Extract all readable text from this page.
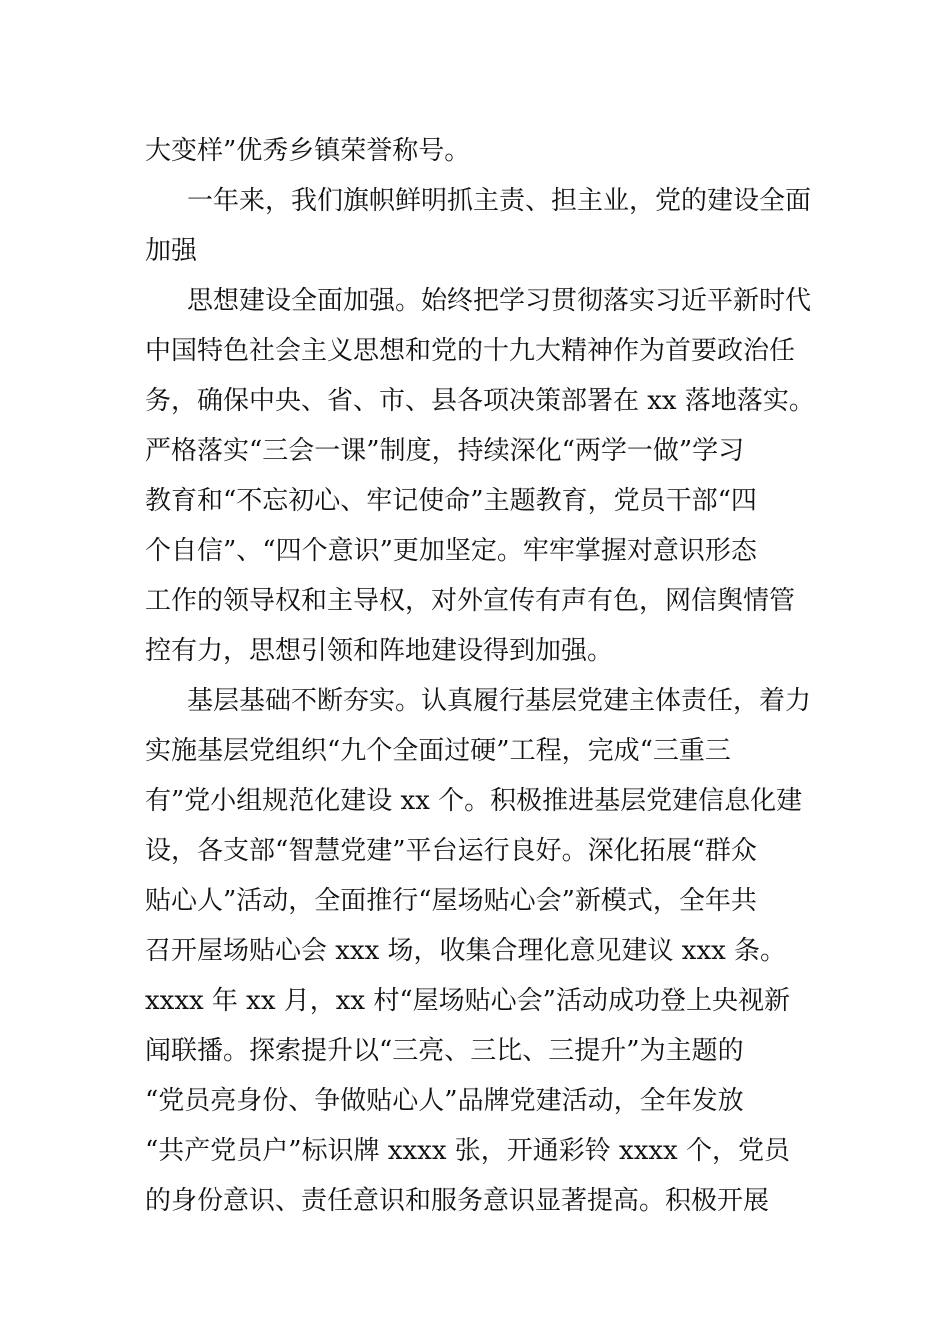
大变样”优秀乡镇荣誉称号。
一年来，我们旗帜鲜明抓主责、担主业，党的建设全面
加强
思想建设全面加强。始终把学习贯彻落实习近平新时代
中国特色社会主义思想和党的十九大精神作为首要政治任
务，确保中央、省、市、县各项决策部署在 xx 落地落实。
严格落实“三会一课”制度，持续深化“两学一做”学习
教育和“不忘初心、牢记使命”主题教育，党员干部“四
个自信”、“四个意识”更加坚定。牢牢掌握对意识形态
工作的领导权和主导权，对外宣传有声有色，网信舆情管
控有力，思想引领和阵地建设得到加强。
基层基础不断夯实。认真履行基层党建主体责任，着力
实施基层党组织“九个全面过硬”工程，完成“三重三
有”党小组规范化建设 xx 个。积极推进基层党建信息化建
设，各支部“智慧党建”平台运行良好。深化拓展“群众
贴心人”活动，全面推行“屋场贴心会”新模式，全年共
召开屋场贴心会 xxx 场，收集合理化意见建议 xxx 条。
xxxx 年 xx 月，xx 村“屋场贴心会”活动成功登上央视新
闻联播。探索提升以“三亮、三比、三提升”为主题的
“党员亮身份、争做贴心人”品牌党建活动，全年发放
“共产党员户”标识牌 xxxx 张，开通彩铃 xxxx 个，党员
的身份意识、责任意识和服务意识显著提高。积极开展
